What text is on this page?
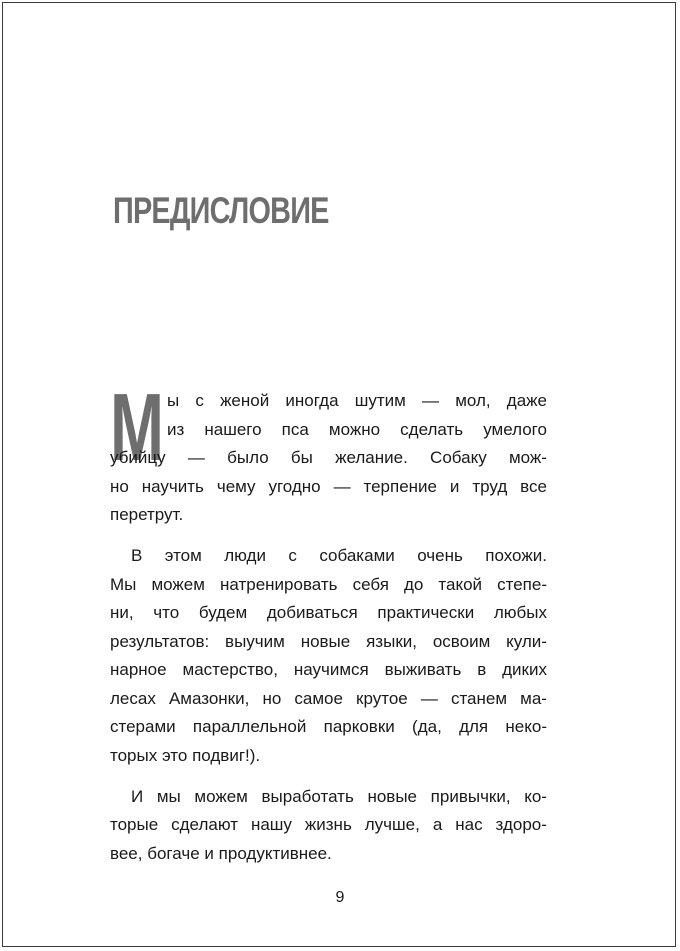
ПРЕДИСЛОВИЕ
М ы с женой иногда шутим — мол, даже
из нашего пса можно сделать умелого
убийцу — было бы желание. Собаку мож-
но научить чему угодно — терпение и труд все
перетрут.
В этом люди с собаками очень похожи.
Мы можем натренировать себя до такой степе-
ни, что будем добиваться практически любых
результатов: выучим новые языки, освоим кули-
нарное мастерство, научимся выживать в диких
лесах Амазонки, но самое крутое — станем ма-
стерами параллельной парковки (да, для неко-
торых это подвиг!).
И мы можем выработать новые привычки, ко-
торые сделают нашу жизнь лучше, а нас здоро-
вее, богаче и продуктивнее.
9
